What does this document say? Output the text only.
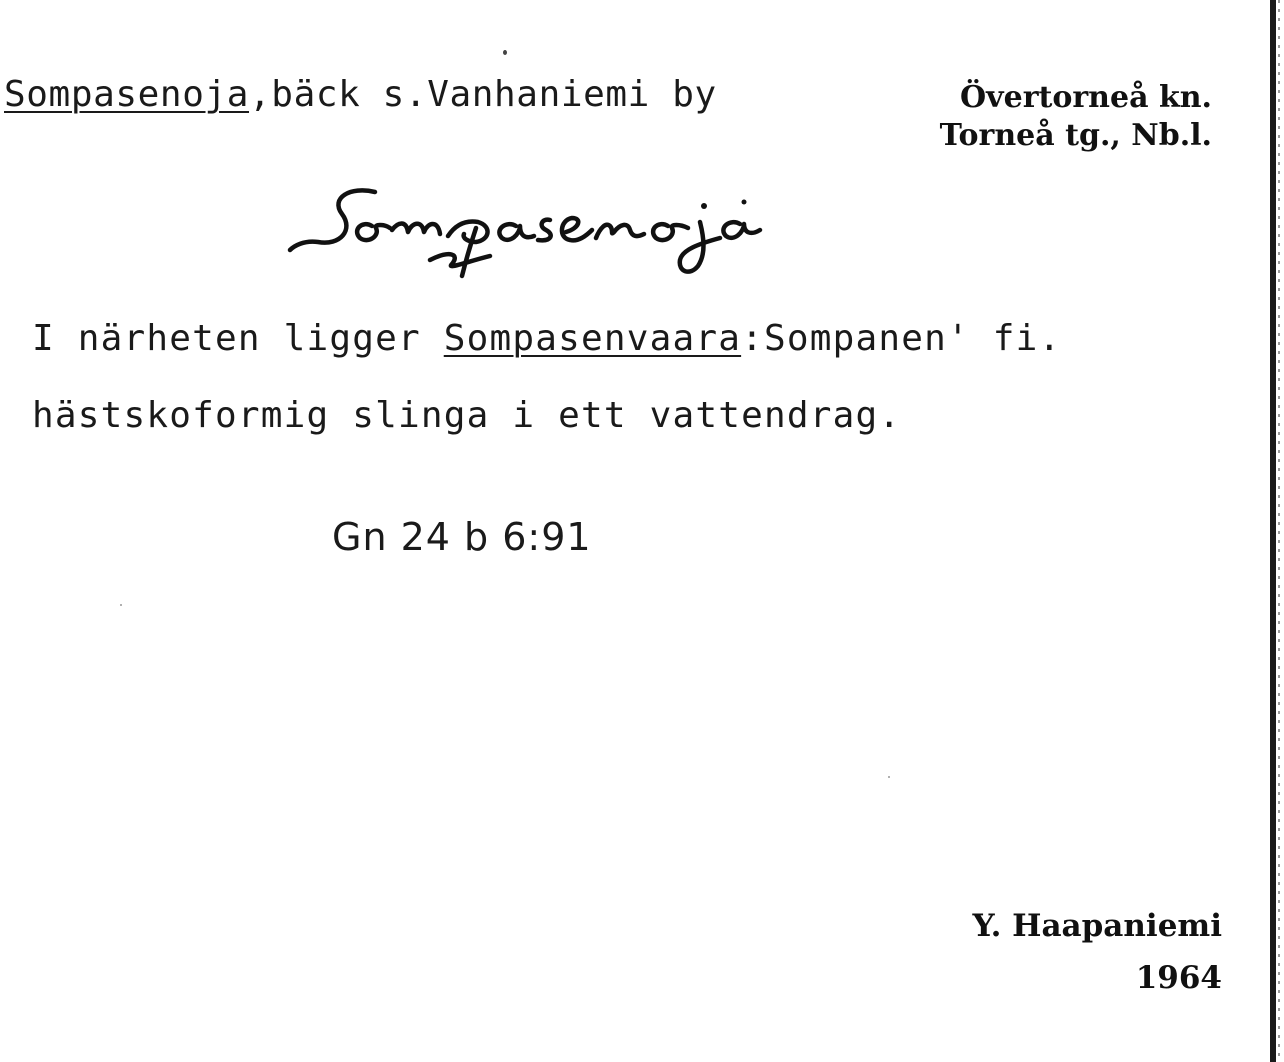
Sompasenoja,bäck s.Vanhaniemi by	Övertorneå kn.
Torneå tg., Nb.l.
I närheten ligger Sompasenvaara:Sompanen' fi.
hästskoformig slinga i ett vattendrag.
Gn 24 b 6:91
Y. Haapaniemi
1964
